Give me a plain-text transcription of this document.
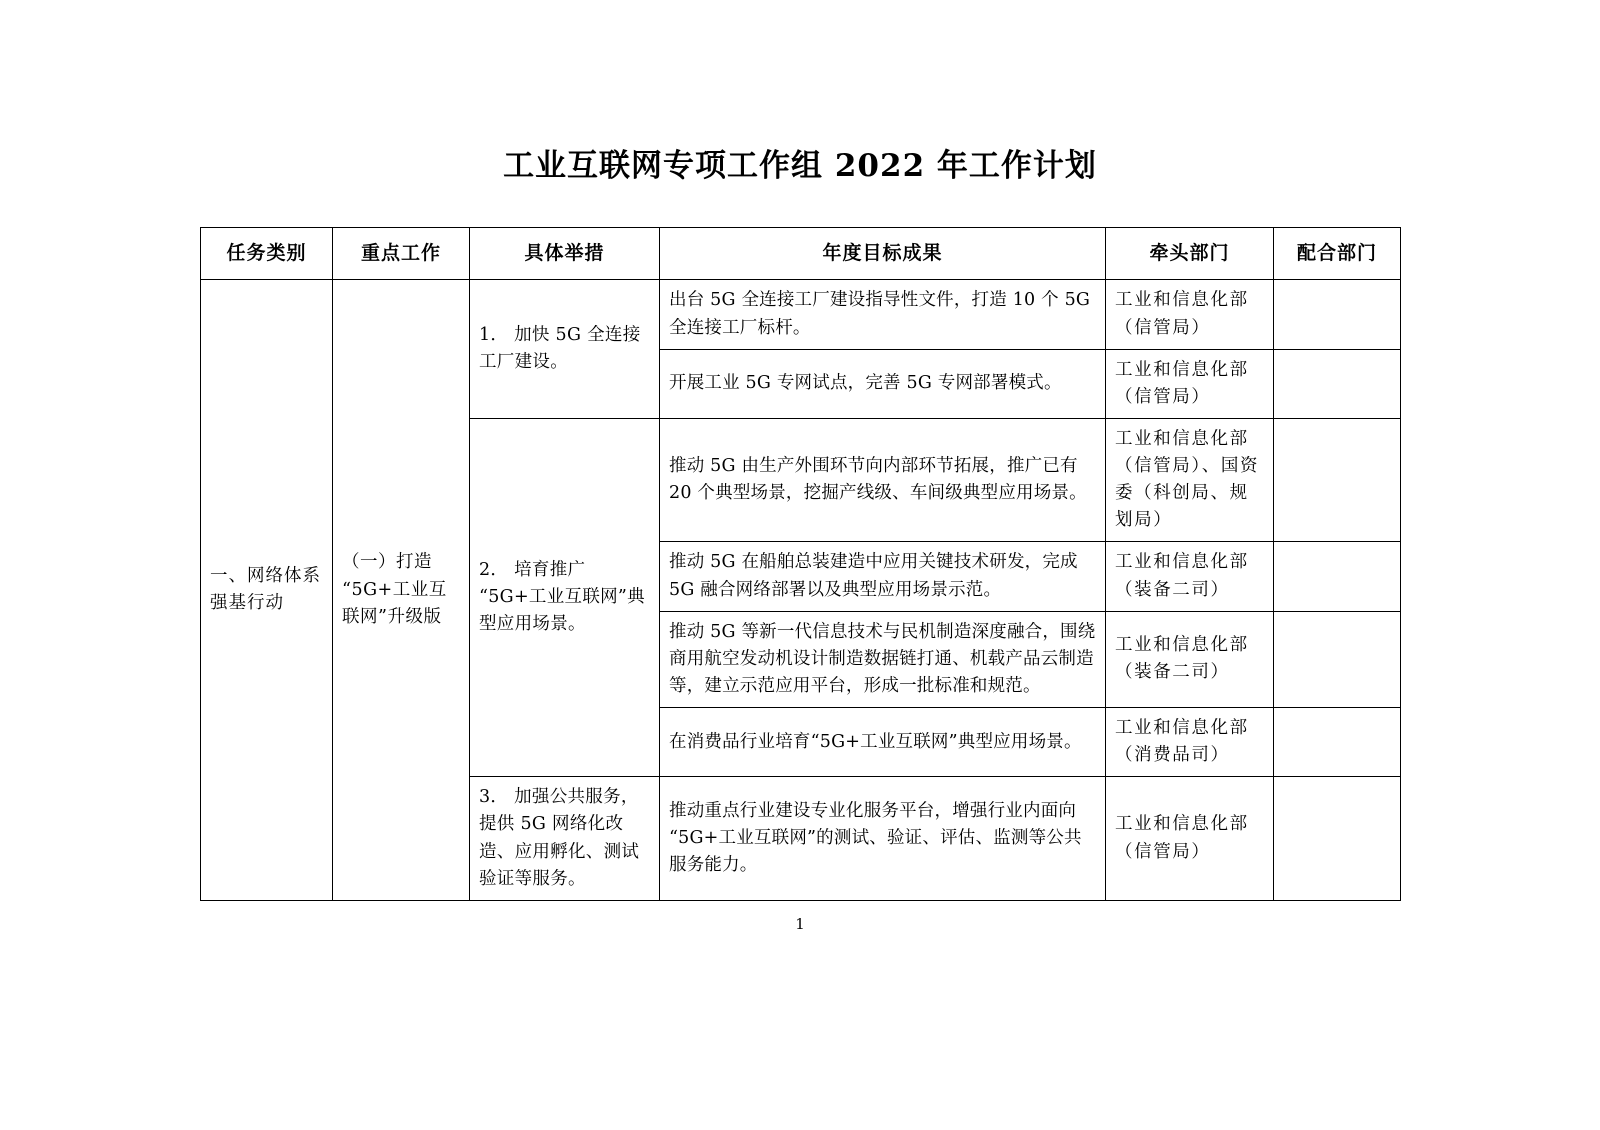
工业互联网专项工作组 2022 年工作计划
任务类别	重点工作	具体举措	年度目标成果	牵头部门	配合部门
一、网络体系强基行动	（一）打造“5G+工业互联网”升级版	1． 加快 5G 全连接工厂建设。	出台 5G 全连接工厂建设指导性文件，打造 10 个 5G 全连接工厂标杆。	工业和信息化部（信管局）	
			开展工业 5G 专网试点，完善 5G 专网部署模式。	工业和信息化部（信管局）	
		2． 培育推广“5G+工业互联网”典型应用场景。	推动 5G 由生产外围环节向内部环节拓展，推广已有 20 个典型场景，挖掘产线级、车间级典型应用场景。	工业和信息化部（信管局）、国资委（科创局、规划局）	
			推动 5G 在船舶总装建造中应用关键技术研发，完成 5G 融合网络部署以及典型应用场景示范。	工业和信息化部（装备二司）	
			推动 5G 等新一代信息技术与民机制造深度融合，围绕商用航空发动机设计制造数据链打通、机载产品云制造等，建立示范应用平台，形成一批标准和规范。	工业和信息化部（装备二司）	
			在消费品行业培育“5G+工业互联网”典型应用场景。	工业和信息化部（消费品司）	
		3． 加强公共服务，提供 5G 网络化改造、应用孵化、测试验证等服务。	推动重点行业建设专业化服务平台，增强行业内面向“5G+工业互联网”的测试、验证、评估、监测等公共服务能力。	工业和信息化部（信管局）	
1
